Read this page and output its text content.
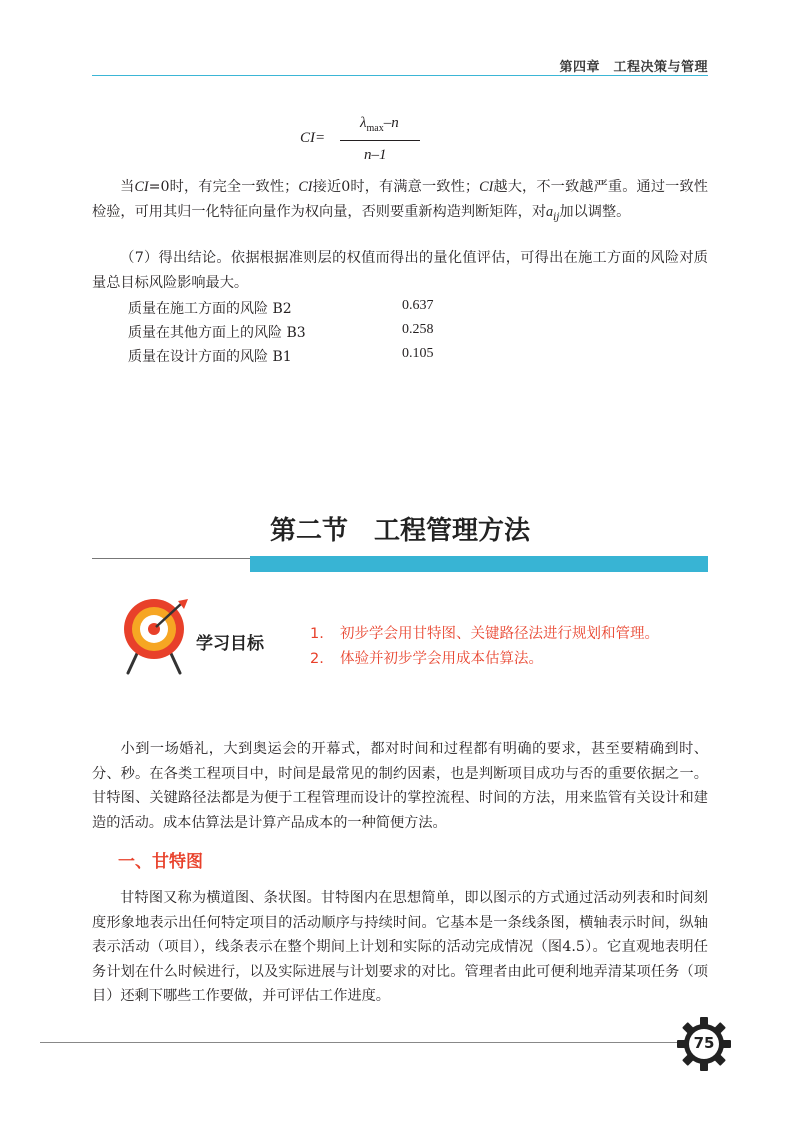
第四章　工程决策与管理
CI=
$\lambda_{max}-n$
n–1
当CI=0时，有完全一致性；CI接近0时，有满意一致性；CI越大，不一致越严重。通过一致性检验，可用其归一化特征向量作为权向量，否则要重新构造判断矩阵，对$a_{ij}$加以调整。
（7）得出结论。依据根据准则层的权值而得出的量化值评估，可得出在施工方面的风险对质量总目标风险影响最大。
质量在施工方面的风险 B2	0.637
质量在其他方面上的风险 B3	0.258
质量在设计方面的风险 B1	0.105
第二节　工程管理方法
学习目标	1. 初步学会用甘特图、关键路径法进行规划和管理。
2. 体验并初步学会用成本估算法。
小到一场婚礼，大到奥运会的开幕式，都对时间和过程都有明确的要求，甚至要精确到时、分、秒。在各类工程项目中，时间是最常见的制约因素，也是判断项目成功与否的重要依据之一。甘特图、关键路径法都是为便于工程管理而设计的掌控流程、时间的方法，用来监管有关设计和建造的活动。成本估算法是计算产品成本的一种简便方法。
一、甘特图
甘特图又称为横道图、条状图。甘特图内在思想简单，即以图示的方式通过活动列表和时间刻度形象地表示出任何特定项目的活动顺序与持续时间。它基本是一条线条图，横轴表示时间，纵轴表示活动（项目），线条表示在整个期间上计划和实际的活动完成情况（图4.5）。它直观地表明任务计划在什么时候进行，以及实际进展与计划要求的对比。管理者由此可便利地弄清某项任务（项目）还剩下哪些工作要做，并可评估工作进度。
75
